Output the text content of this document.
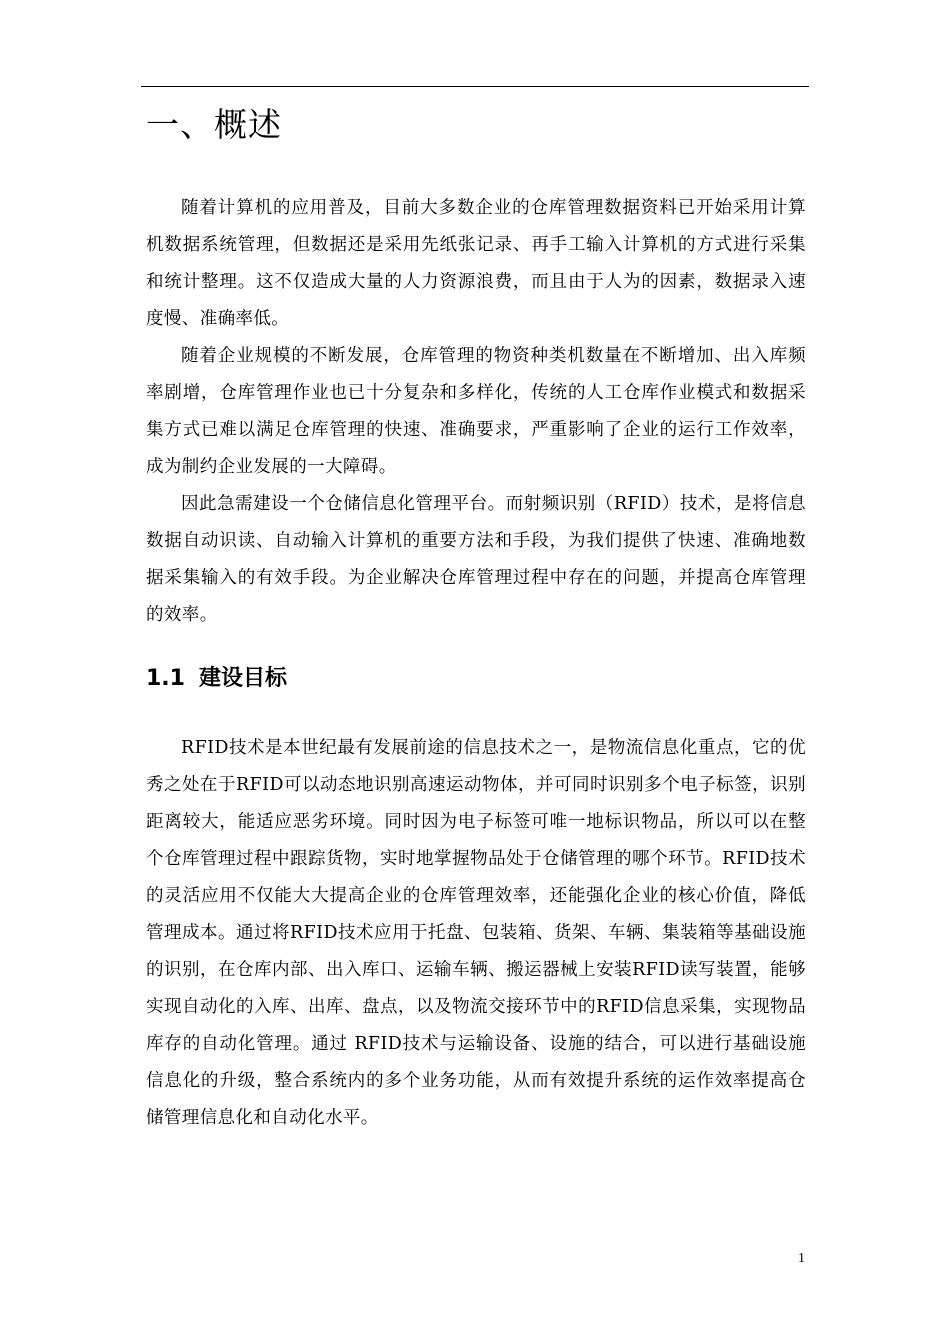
一、概述

随着计算机的应用普及，目前大多数企业的仓库管理数据资料已开始采用计算机数据系统管理，但数据还是采用先纸张记录、再手工输入计算机的方式进行采集和统计整理。这不仅造成大量的人力资源浪费，而且由于人为的因素，数据录入速度慢、准确率低。

随着企业规模的不断发展，仓库管理的物资种类机数量在不断增加、出入库频率剧增，仓库管理作业也已十分复杂和多样化，传统的人工仓库作业模式和数据采集方式已难以满足仓库管理的快速、准确要求，严重影响了企业的运行工作效率，成为制约企业发展的一大障碍。

因此急需建设一个仓储信息化管理平台。而射频识别（RFID）技术，是将信息数据自动识读、自动输入计算机的重要方法和手段，为我们提供了快速、准确地数据采集输入的有效手段。为企业解决仓库管理过程中存在的问题，并提高仓库管理的效率。

1.1 建设目标

RFID技术是本世纪最有发展前途的信息技术之一，是物流信息化重点，它的优秀之处在于RFID可以动态地识别高速运动物体，并可同时识别多个电子标签，识别距离较大，能适应恶劣环境。同时因为电子标签可唯一地标识物品，所以可以在整个仓库管理过程中跟踪货物，实时地掌握物品处于仓储管理的哪个环节。RFID技术的灵活应用不仅能大大提高企业的仓库管理效率，还能强化企业的核心价值，降低管理成本。通过将RFID技术应用于托盘、包装箱、货架、车辆、集装箱等基础设施的识别，在仓库内部、出入库口、运输车辆、搬运器械上安装RFID读写装置，能够实现自动化的入库、出库、盘点，以及物流交接环节中的RFID信息采集，实现物品库存的自动化管理。通过 RFID技术与运输设备、设施的结合，可以进行基础设施信息化的升级，整合系统内的多个业务功能，从而有效提升系统的运作效率提高仓储管理信息化和自动化水平。

1
